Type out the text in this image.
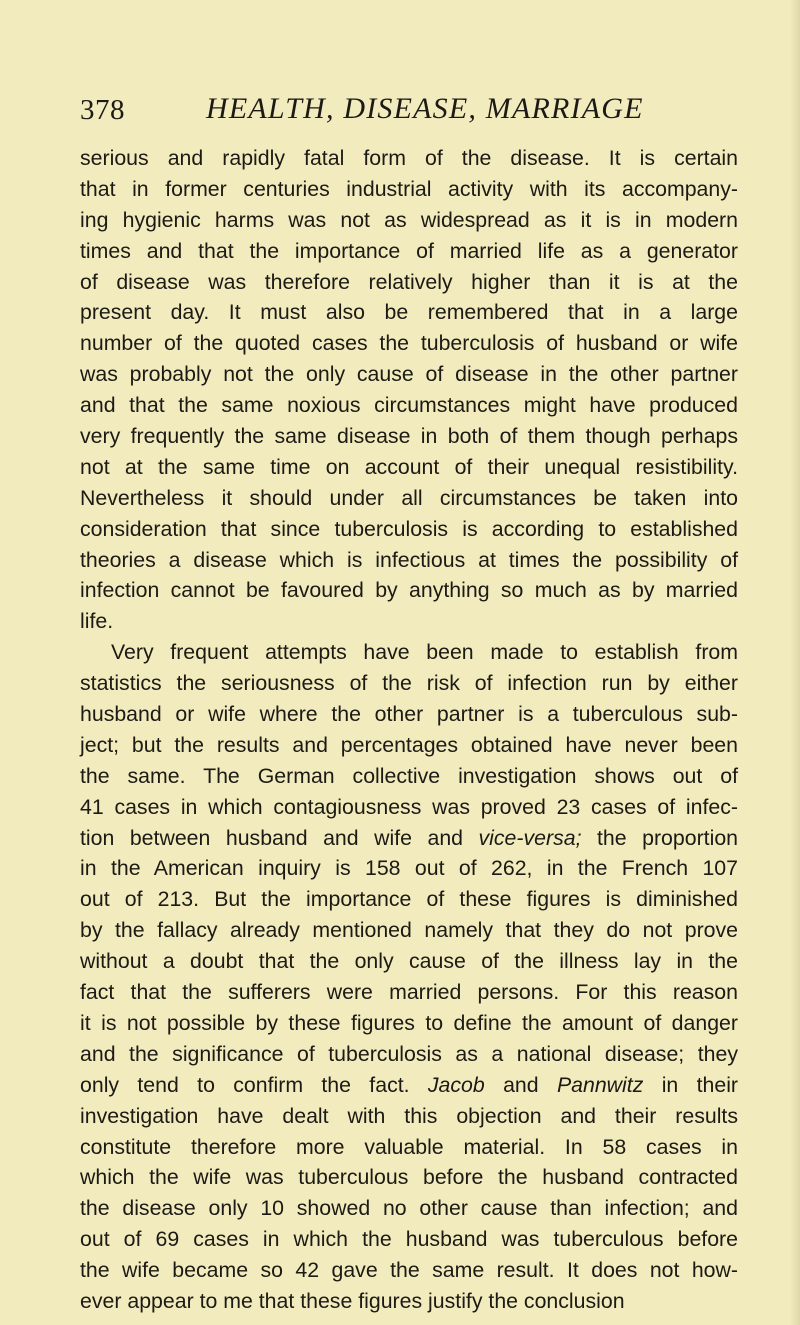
378	HEALTH, DISEASE, MARRIAGE
serious and rapidly fatal form of the disease. It is certain
that in former centuries industrial activity with its accompany-
ing hygienic harms was not as widespread as it is in modern
times and that the importance of married life as a generator
of disease was therefore relatively higher than it is at the
present day. It must also be remembered that in a large
number of the quoted cases the tuberculosis of husband or wife
was probably not the only cause of disease in the other partner
and that the same noxious circumstances might have produced
very frequently the same disease in both of them though perhaps
not at the same time on account of their unequal resistibility.
Nevertheless it should under all circumstances be taken into
consideration that since tuberculosis is according to established
theories a disease which is infectious at times the possibility of
infection cannot be favoured by anything so much as by married
life.
Very frequent attempts have been made to establish from
statistics the seriousness of the risk of infection run by either
husband or wife where the other partner is a tuberculous sub-
ject; but the results and percentages obtained have never been
the same. The German collective investigation shows out of
41 cases in which contagiousness was proved 23 cases of infec-
tion between husband and wife and vice-versa; the proportion
in the American inquiry is 158 out of 262, in the French 107
out of 213. But the importance of these figures is diminished
by the fallacy already mentioned namely that they do not prove
without a doubt that the only cause of the illness lay in the
fact that the sufferers were married persons. For this reason
it is not possible by these figures to define the amount of danger
and the significance of tuberculosis as a national disease; they
only tend to confirm the fact. Jacob and Pannwitz in their
investigation have dealt with this objection and their results
constitute therefore more valuable material. In 58 cases in
which the wife was tuberculous before the husband contracted
the disease only 10 showed no other cause than infection; and
out of 69 cases in which the husband was tuberculous before
the wife became so 42 gave the same result. It does not how-
ever appear to me that these figures justify the conclusion
